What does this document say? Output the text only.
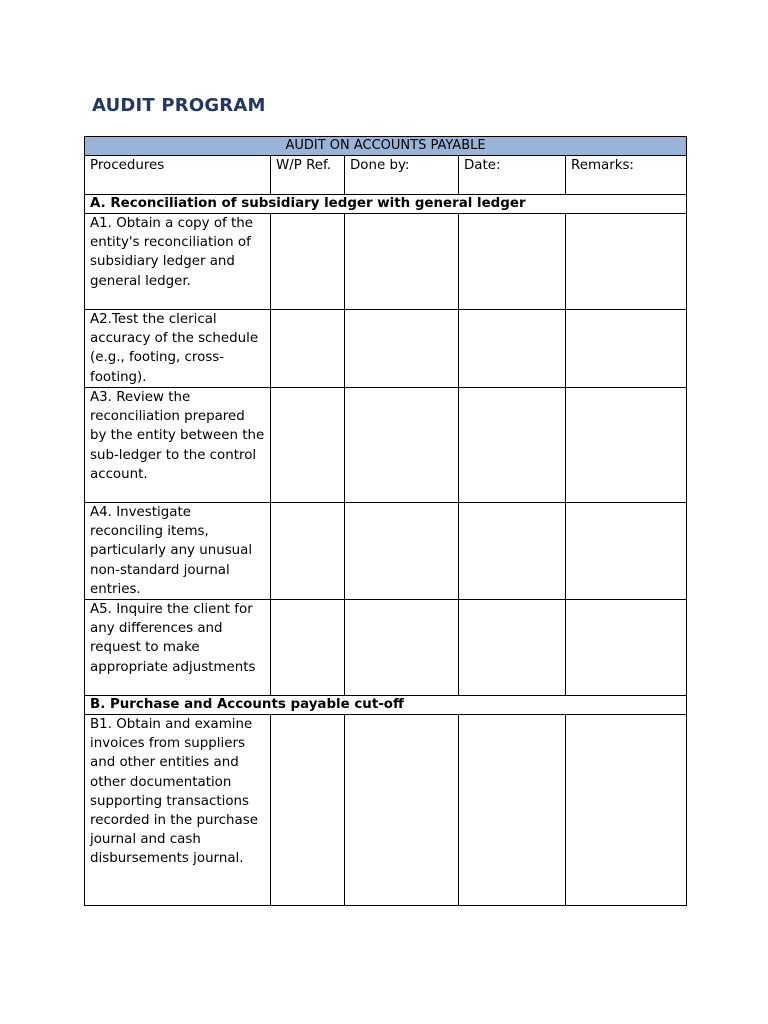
AUDIT PROGRAM
AUDIT ON ACCOUNTS PAYABLE				
Procedures	W/P Ref.	Done by:	Date:	Remarks:
A. Reconciliation of subsidiary ledger with general ledger				
A1. Obtain a copy of the entity's reconciliation of subsidiary ledger and general ledger.				
A2.Test the clerical accuracy of the schedule (e.g., footing, cross-footing).				
A3. Review the reconciliation prepared by the entity between the sub-ledger to the control account.				
A4. Investigate reconciling items, particularly any unusual non-standard journal entries.				
A5. Inquire the client for any differences and request to make appropriate adjustments				
B. Purchase and Accounts payable cut-off				
B1. Obtain and examine invoices from suppliers and other entities and other documentation supporting transactions recorded in the purchase journal and cash disbursements journal.				
